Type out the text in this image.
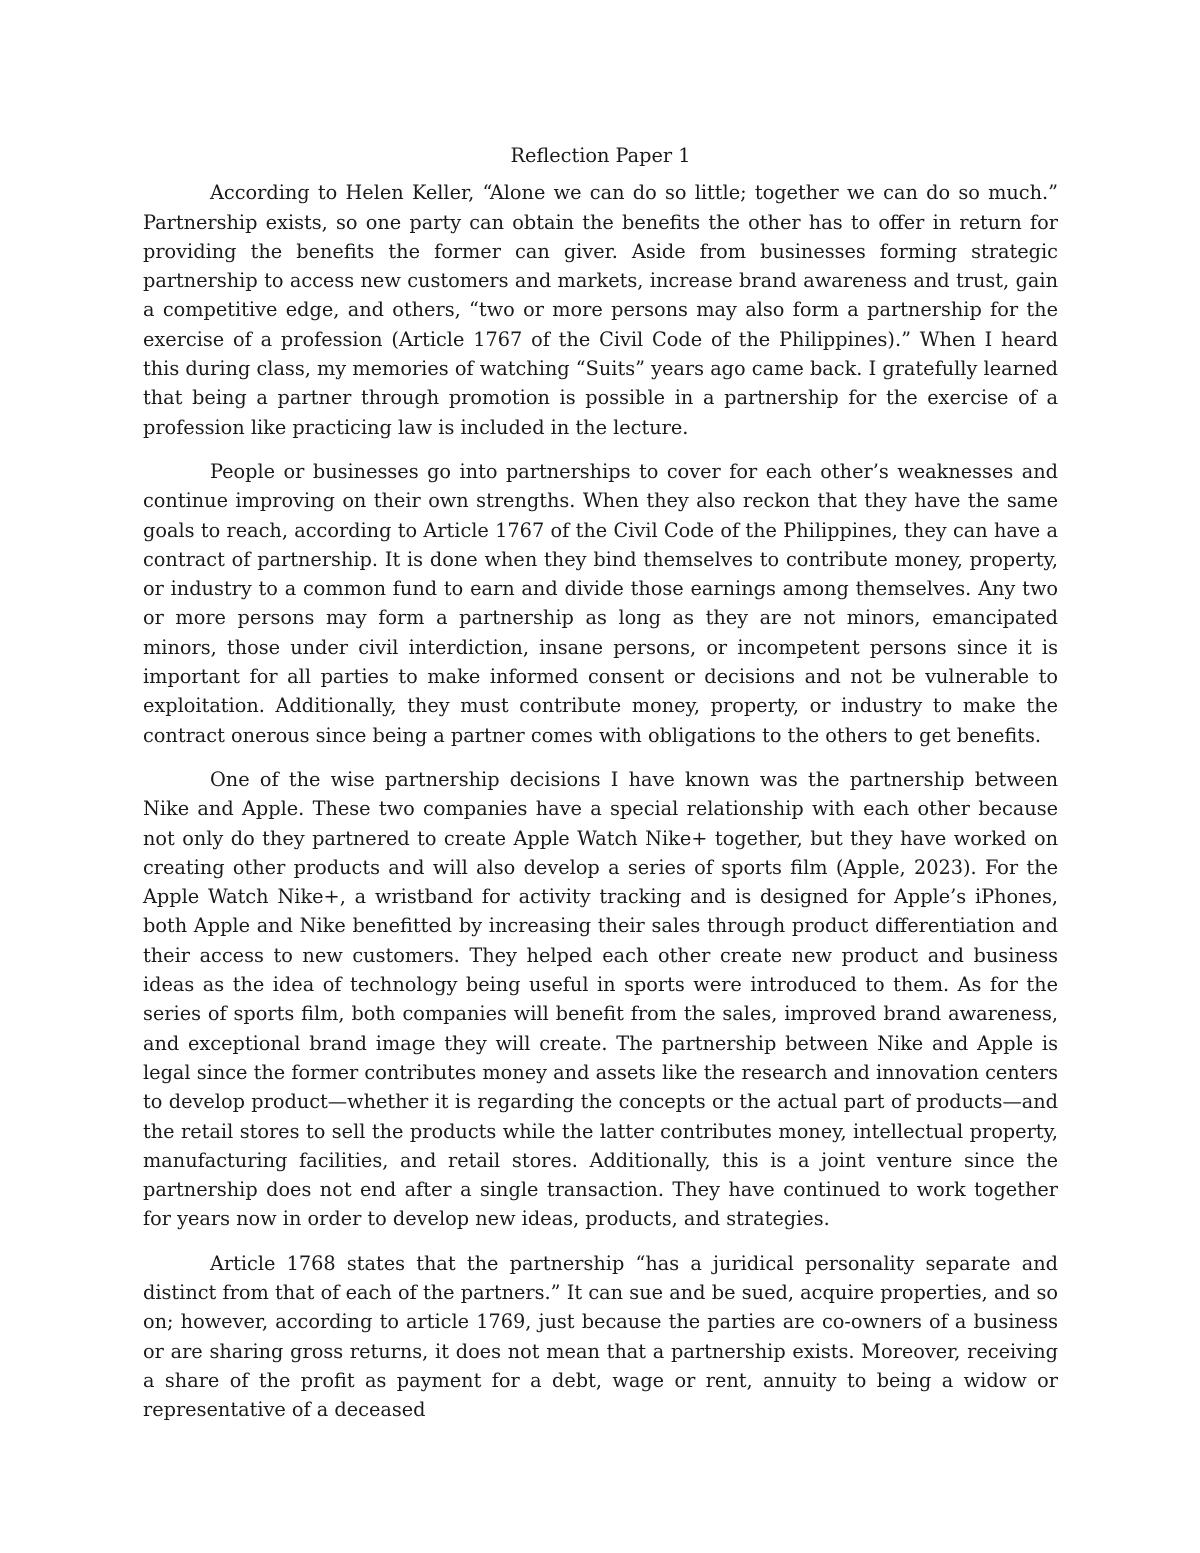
Reflection Paper 1

According to Helen Keller, “Alone we can do so little; together we can do so much.” Partnership exists, so one party can obtain the benefits the other has to offer in return for providing the benefits the former can giver. Aside from businesses forming strategic partnership to access new customers and markets, increase brand awareness and trust, gain a competitive edge, and others, “two or more persons may also form a partnership for the exercise of a profession (Article 1767 of the Civil Code of the Philippines).” When I heard this during class, my memories of watching “Suits” years ago came back. I gratefully learned that being a partner through promotion is possible in a partnership for the exercise of a profession like practicing law is included in the lecture.

People or businesses go into partnerships to cover for each other’s weaknesses and continue improving on their own strengths. When they also reckon that they have the same goals to reach, according to Article 1767 of the Civil Code of the Philippines, they can have a contract of partnership. It is done when they bind themselves to contribute money, property, or industry to a common fund to earn and divide those earnings among themselves. Any two or more persons may form a partnership as long as they are not minors, emancipated minors, those under civil interdiction, insane persons, or incompetent persons since it is important for all parties to make informed consent or decisions and not be vulnerable to exploitation. Additionally, they must contribute money, property, or industry to make the contract onerous since being a partner comes with obligations to the others to get benefits.

One of the wise partnership decisions I have known was the partnership between Nike and Apple. These two companies have a special relationship with each other because not only do they partnered to create Apple Watch Nike+ together, but they have worked on creating other products and will also develop a series of sports film (Apple, 2023). For the Apple Watch Nike+, a wristband for activity tracking and is designed for Apple’s iPhones, both Apple and Nike benefitted by increasing their sales through product differentiation and their access to new customers. They helped each other create new product and business ideas as the idea of technology being useful in sports were introduced to them. As for the series of sports film, both companies will benefit from the sales, improved brand awareness, and exceptional brand image they will create. The partnership between Nike and Apple is legal since the former contributes money and assets like the research and innovation centers to develop product—whether it is regarding the concepts or the actual part of products—and the retail stores to sell the products while the latter contributes money, intellectual property, manufacturing facilities, and retail stores. Additionally, this is a joint venture since the partnership does not end after a single transaction. They have continued to work together for years now in order to develop new ideas, products, and strategies.

Article 1768 states that the partnership “has a juridical personality separate and distinct from that of each of the partners.” It can sue and be sued, acquire properties, and so on; however, according to article 1769, just because the parties are co-owners of a business or are sharing gross returns, it does not mean that a partnership exists. Moreover, receiving a share of the profit as payment for a debt, wage or rent, annuity to being a widow or representative of a deceased
